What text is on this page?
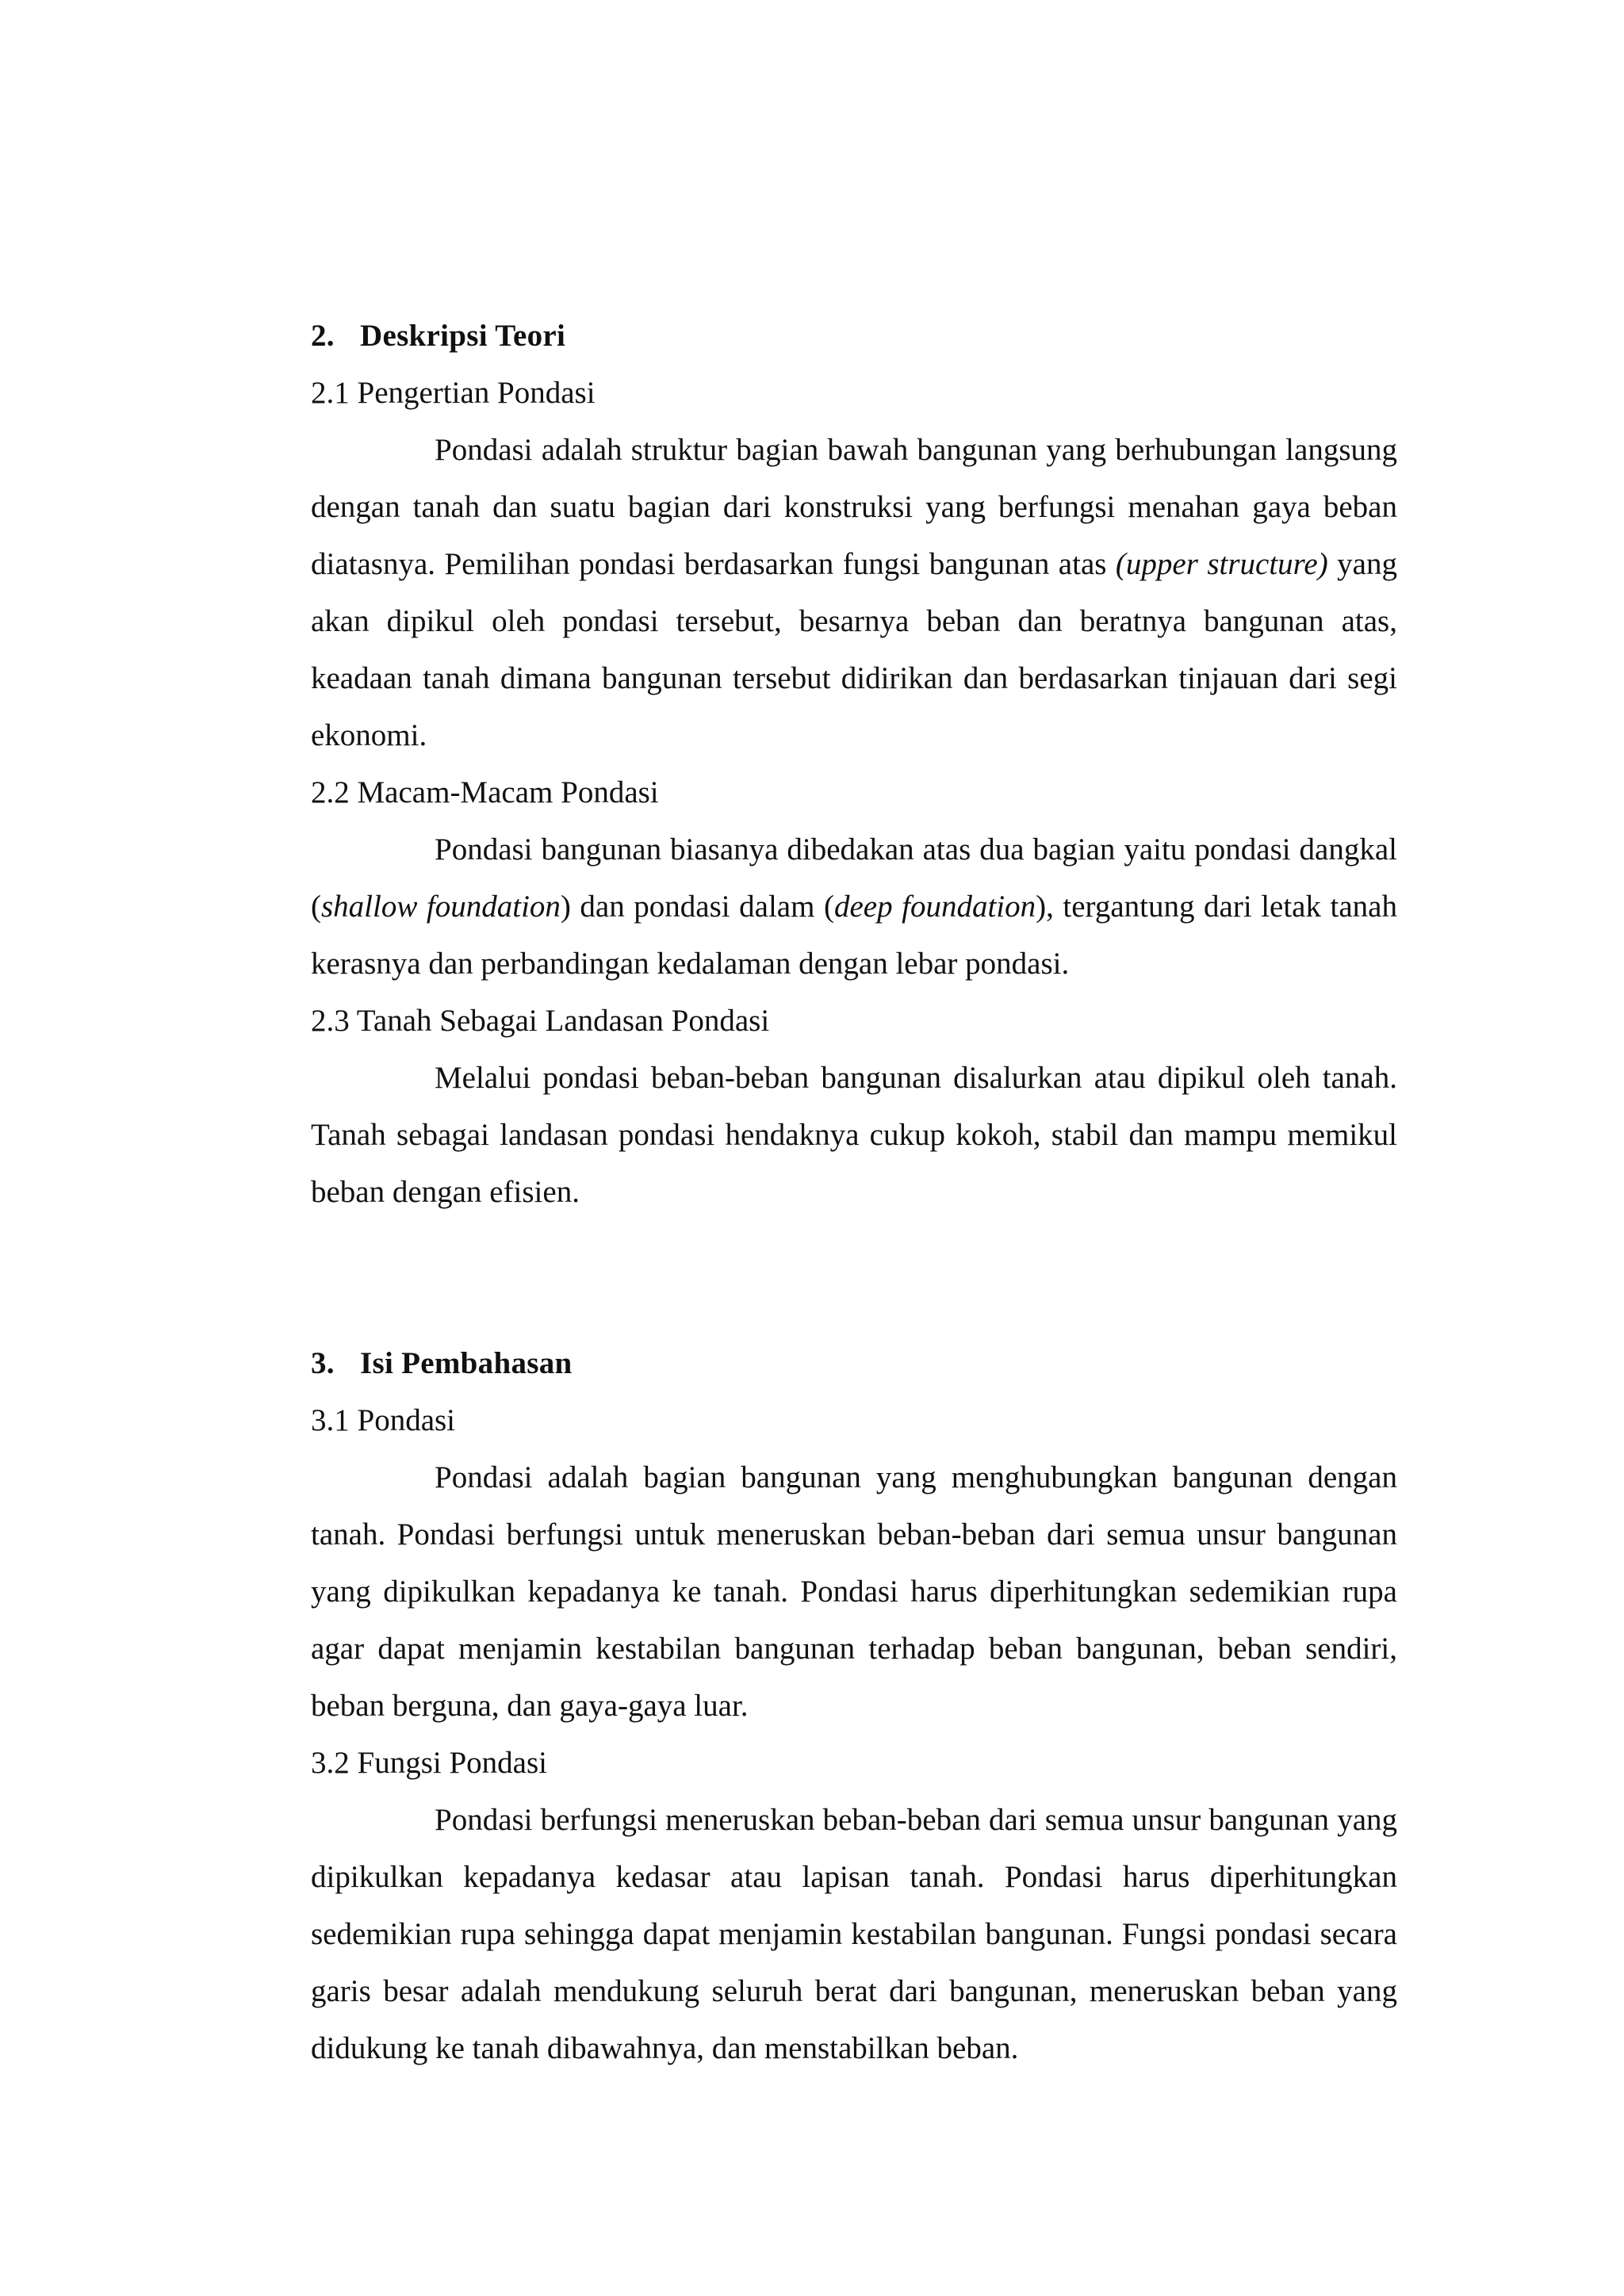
2. Deskripsi Teori
2.1 Pengertian Pondasi

Pondasi adalah struktur bagian bawah bangunan yang berhubungan langsung dengan tanah dan suatu bagian dari konstruksi yang berfungsi menahan gaya beban diatasnya. Pemilihan pondasi berdasarkan fungsi bangunan atas (upper structure) yang akan dipikul oleh pondasi tersebut, besarnya beban dan beratnya bangunan atas, keadaan tanah dimana bangunan tersebut didirikan dan berdasarkan tinjauan dari segi ekonomi.

2.2 Macam-Macam Pondasi

Pondasi bangunan biasanya dibedakan atas dua bagian yaitu pondasi dangkal (shallow foundation) dan pondasi dalam (deep foundation), tergantung dari letak tanah kerasnya dan perbandingan kedalaman dengan lebar pondasi.

2.3 Tanah Sebagai Landasan Pondasi

Melalui pondasi beban-beban bangunan disalurkan atau dipikul oleh tanah. Tanah sebagai landasan pondasi hendaknya cukup kokoh, stabil dan mampu memikul beban dengan efisien.

3. Isi Pembahasan
3.1 Pondasi

Pondasi adalah bagian bangunan yang menghubungkan bangunan dengan tanah. Pondasi berfungsi untuk meneruskan beban-beban dari semua unsur bangunan yang dipikulkan kepadanya ke tanah. Pondasi harus diperhitungkan sedemikian rupa agar dapat menjamin kestabilan bangunan terhadap beban bangunan, beban sendiri, beban berguna, dan gaya-gaya luar.

3.2 Fungsi Pondasi

Pondasi berfungsi meneruskan beban-beban dari semua unsur bangunan yang dipikulkan kepadanya kedasar atau lapisan tanah. Pondasi harus diperhitungkan sedemikian rupa sehingga dapat menjamin kestabilan bangunan. Fungsi pondasi secara garis besar adalah mendukung seluruh berat dari bangunan, meneruskan beban yang didukung ke tanah dibawahnya, dan menstabilkan beban.
